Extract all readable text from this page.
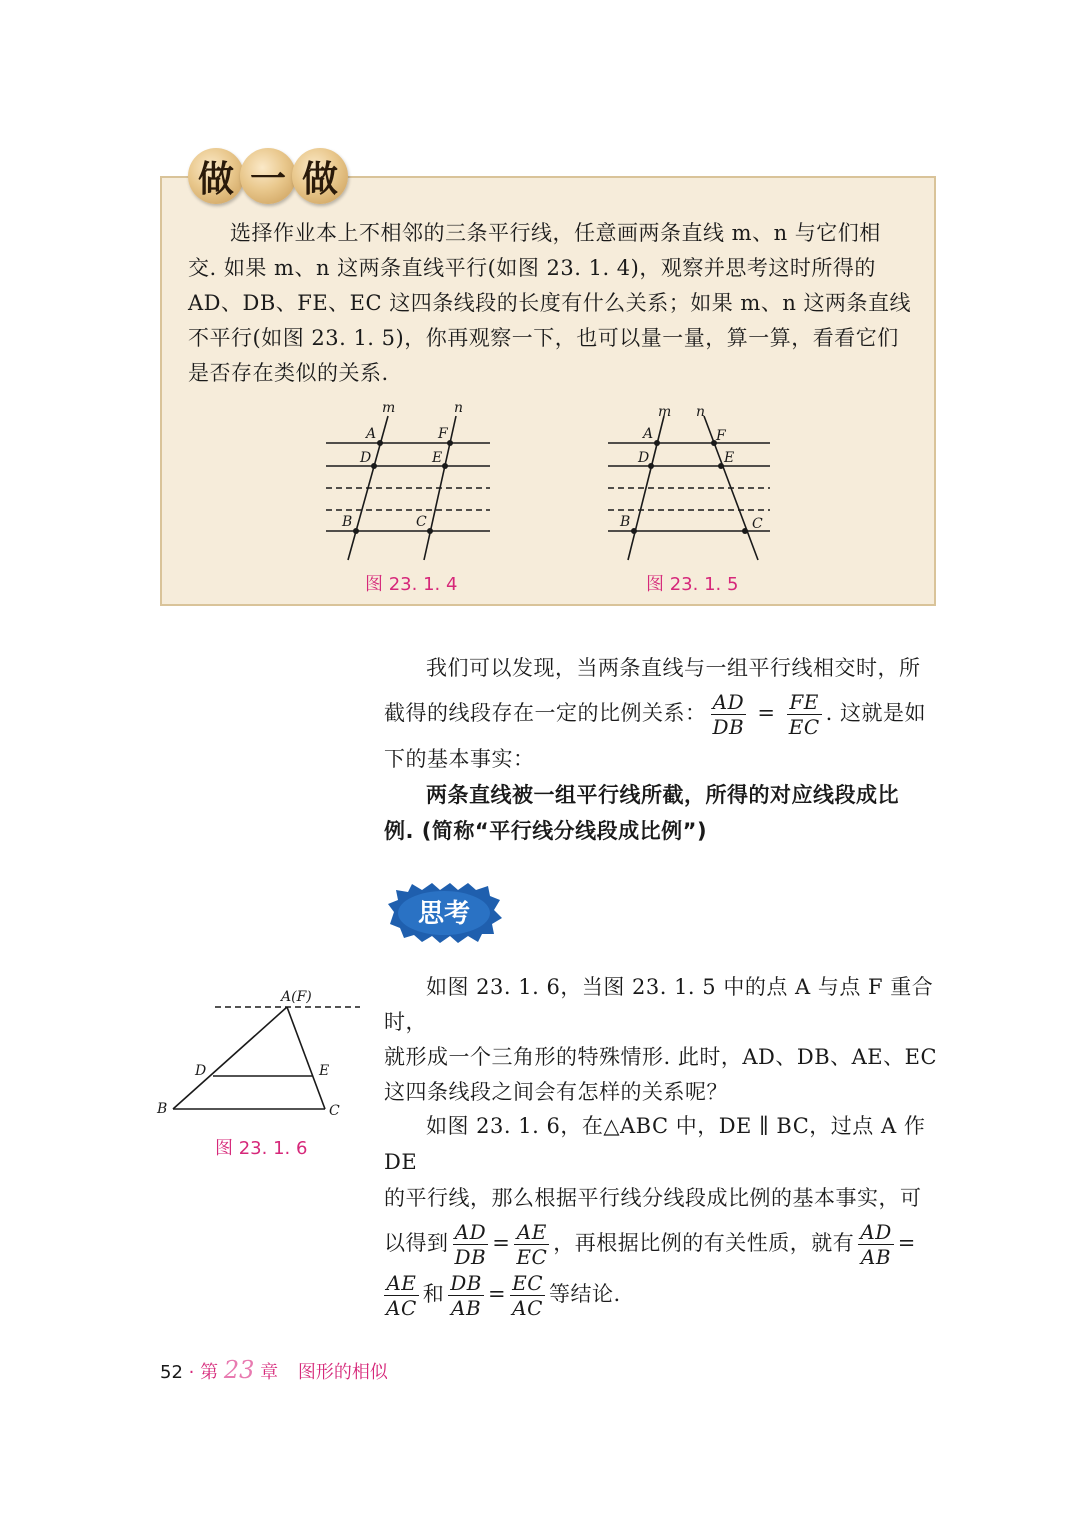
做 一 做

选择作业本上不相邻的三条平行线，任意画两条直线 m、n 与它们相

交. 如果 m、n 这两条直线平行(如图 23. 1. 4)，观察并思考这时所得的

AD、DB、FE、EC 这四条线段的长度有什么关系；如果 m、n 这两条直线

不平行(如图 23. 1. 5)，你再观察一下，也可以量一量，算一算，看看它们

是否存在类似的关系.

m	n
A	F
D	E
B	C
图 23. 1. 4
m n
A	F
D	E
B	C
图 23. 1. 5

我们可以发现，当两条直线与一组平行线相交时，所

截得的线段存在一定的比例关系： $\frac{AD}{DB} = \frac{FE}{EC}$ . 这就是如

下的基本事实：

两条直线被一组平行线所截，所得的对应线段成比

例. (简称“平行线分线段成比例”)

思考

如图 23. 1. 6，当图 23. 1. 5 中的点 A 与点 F 重合时，

就形成一个三角形的特殊情形. 此时，AD、DB、AE、EC

这四条线段之间会有怎样的关系呢？

A(F)
D	E
B	C
图 23. 1. 6

如图 23. 1. 6，在△ABC 中，DE ∥ BC，过点 A 作 DE

的平行线，那么根据平行线分线段成比例的基本事实，可

以得到 $\frac{AD}{DB} = \frac{AE}{EC}$ ，再根据比例的有关性质，就有 $\frac{AD}{AB}$ =

$\frac{AE}{AC}$ 和 $\frac{DB}{AB} = \frac{EC}{AC}$ 等结论.

52 · 第 23 章 图形的相似
